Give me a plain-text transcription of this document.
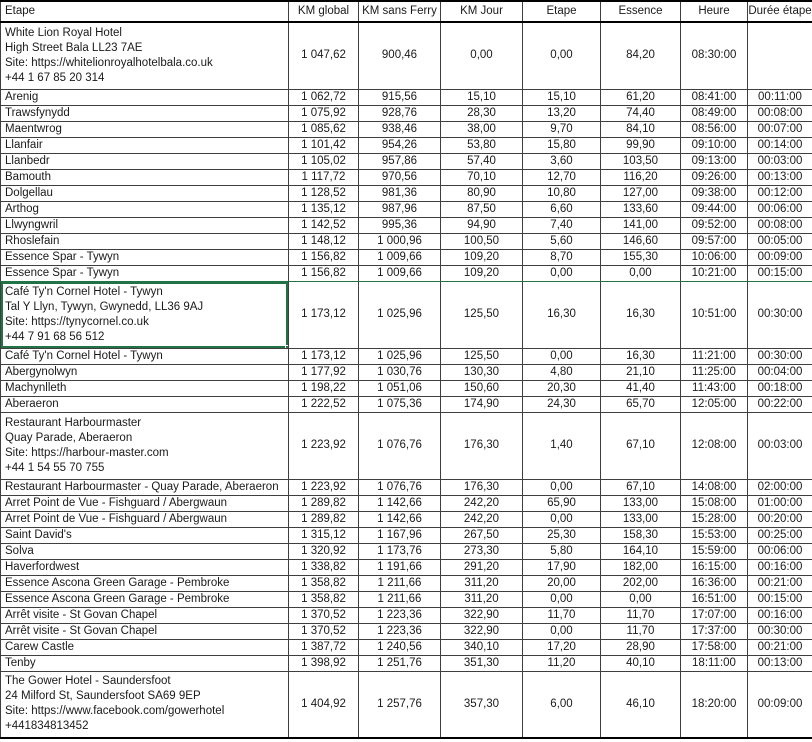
Etape	KM global	KM sans Ferry	KM Jour	Etape	Essence	Heure	Durée étape

White Lion Royal Hotel
High Street Bala LL23 7AE
Site: https://whitelionroyalhotelbala.co.uk
+44 1 67 85 20 314	1 047,62	900,46	0,00	0,00	84,20	08:30:00	
Arenig	1 062,72	915,56	15,10	15,10	61,20	08:41:00	00:11:00
Trawsfynydd	1 075,92	928,76	28,30	13,20	74,40	08:49:00	00:08:00
Maentwrog	1 085,62	938,46	38,00	9,70	84,10	08:56:00	00:07:00
Llanfair	1 101,42	954,26	53,80	15,80	99,90	09:10:00	00:14:00
Llanbedr	1 105,02	957,86	57,40	3,60	103,50	09:13:00	00:03:00
Bamouth	1 117,72	970,56	70,10	12,70	116,20	09:26:00	00:13:00
Dolgellau	1 128,52	981,36	80,90	10,80	127,00	09:38:00	00:12:00
Arthog	1 135,12	987,96	87,50	6,60	133,60	09:44:00	00:06:00
Llwyngwril	1 142,52	995,36	94,90	7,40	141,00	09:52:00	00:08:00
Rhoslefain	1 148,12	1 000,96	100,50	5,60	146,60	09:57:00	00:05:00
Essence Spar - Tywyn	1 156,82	1 009,66	109,20	8,70	155,30	10:06:00	00:09:00
Essence Spar - Tywyn	1 156,82	1 009,66	109,20	0,00	0,00	10:21:00	00:15:00

Café Ty'n Cornel Hotel - Tywyn
Tal Y Llyn, Tywyn, Gwynedd, LL36 9AJ
Site: https://tynycornel.co.uk
+44 7 91 68 56 512	1 173,12	1 025,96	125,50	16,30	16,30	10:51:00	00:30:00
Café Ty'n Cornel Hotel - Tywyn	1 173,12	1 025,96	125,50	0,00	16,30	11:21:00	00:30:00
Abergynolwyn	1 177,92	1 030,76	130,30	4,80	21,10	11:25:00	00:04:00
Machynlleth	1 198,22	1 051,06	150,60	20,30	41,40	11:43:00	00:18:00
Aberaeron	1 222,52	1 075,36	174,90	24,30	65,70	12:05:00	00:22:00

Restaurant Harbourmaster
Quay Parade, Aberaeron
Site: https://harbour-master.com
+44 1 54 55 70 755	1 223,92	1 076,76	176,30	1,40	67,10	12:08:00	00:03:00
Restaurant Harbourmaster - Quay Parade, Aberaeron	1 223,92	1 076,76	176,30	0,00	67,10	14:08:00	02:00:00
Arret Point de Vue - Fishguard / Abergwaun	1 289,82	1 142,66	242,20	65,90	133,00	15:08:00	01:00:00
Arret Point de Vue - Fishguard / Abergwaun	1 289,82	1 142,66	242,20	0,00	133,00	15:28:00	00:20:00
Saint David's	1 315,12	1 167,96	267,50	25,30	158,30	15:53:00	00:25:00
Solva	1 320,92	1 173,76	273,30	5,80	164,10	15:59:00	00:06:00
Haverfordwest	1 338,82	1 191,66	291,20	17,90	182,00	16:15:00	00:16:00
Essence Ascona Green Garage - Pembroke	1 358,82	1 211,66	311,20	20,00	202,00	16:36:00	00:21:00
Essence Ascona Green Garage - Pembroke	1 358,82	1 211,66	311,20	0,00	0,00	16:51:00	00:15:00
Arrêt visite - St Govan Chapel	1 370,52	1 223,36	322,90	11,70	11,70	17:07:00	00:16:00
Arrêt visite - St Govan Chapel	1 370,52	1 223,36	322,90	0,00	11,70	17:37:00	00:30:00
Carew Castle	1 387,72	1 240,56	340,10	17,20	28,90	17:58:00	00:21:00
Tenby	1 398,92	1 251,76	351,30	11,20	40,10	18:11:00	00:13:00

The Gower Hotel - Saundersfoot
24 Milford St, Saundersfoot SA69 9EP
Site: https://www.facebook.com/gowerhotel
+441834813452	1 404,92	1 257,76	357,30	6,00	46,10	18:20:00	00:09:00
